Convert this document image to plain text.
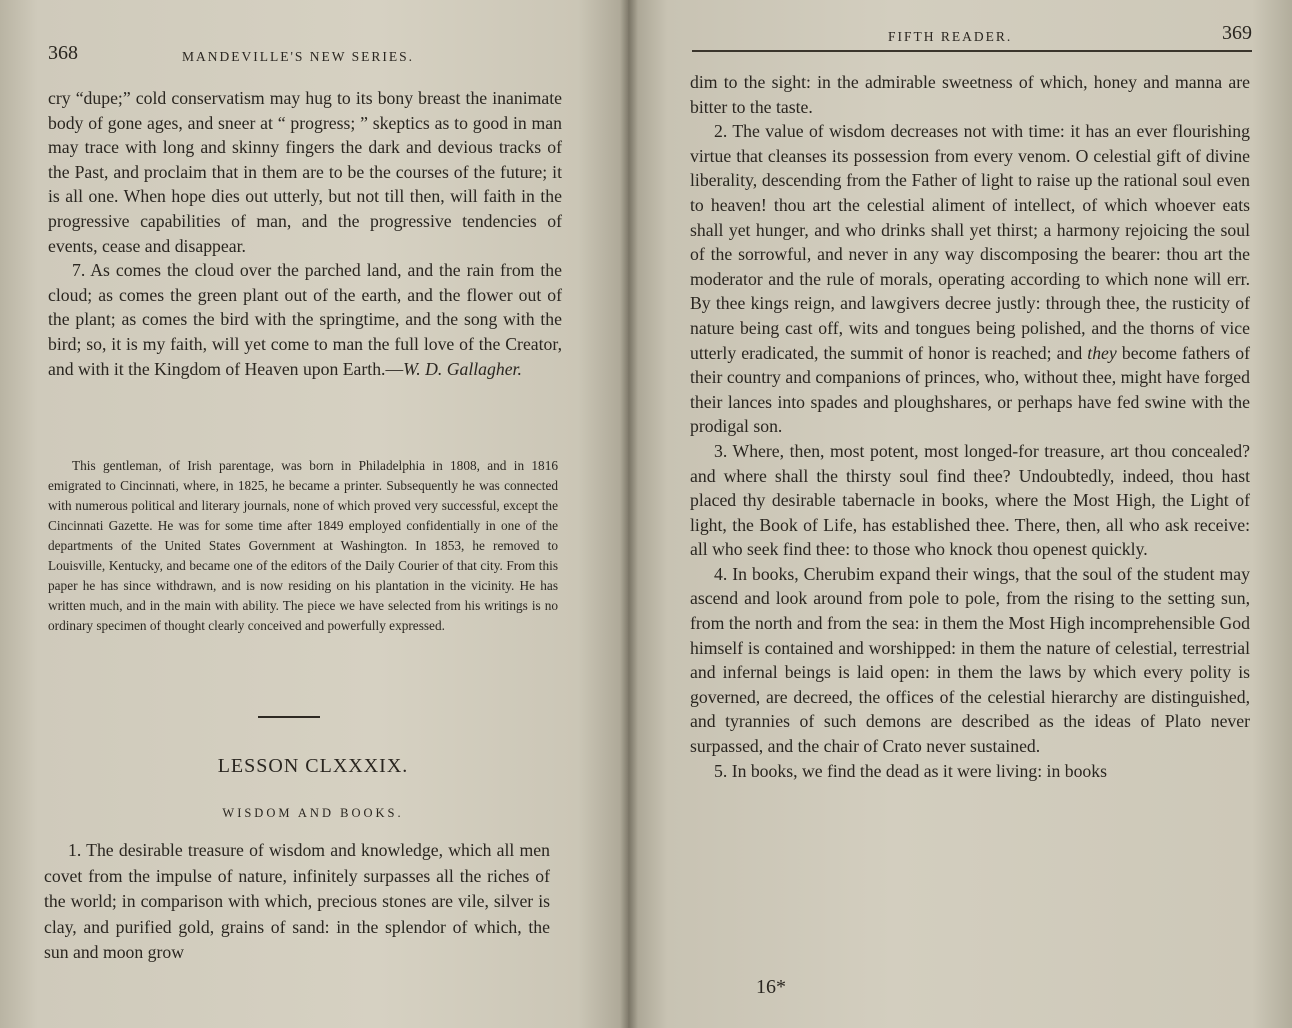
368	MANDEVILLE'S NEW SERIES.

cry “dupe;” cold conservatism may hug to its bony breast the inanimate body of gone ages, and sneer at “ progress; ” skeptics as to good in man may trace with long and skinny fingers the dark and devious tracks of the Past, and proclaim that in them are to be the courses of the future; it is all one. When hope dies out utterly, but not till then, will faith in the progressive capabilities of man, and the progressive tendencies of events, cease and disappear.

7. As comes the cloud over the parched land, and the rain from the cloud; as comes the green plant out of the earth, and the flower out of the plant; as comes the bird with the springtime, and the song with the bird; so, it is my faith, will yet come to man the full love of the Creator, and with it the Kingdom of Heaven upon Earth.—W. D. Gallagher.

This gentleman, of Irish parentage, was born in Philadelphia in 1808, and in 1816 emigrated to Cincinnati, where, in 1825, he became a printer. Subsequently he was connected with numerous political and literary journals, none of which proved very successful, except the Cincinnati Gazette. He was for some time after 1849 employed confidentially in one of the departments of the United States Government at Washington. In 1853, he removed to Louisville, Kentucky, and became one of the editors of the Daily Courier of that city. From this paper he has since withdrawn, and is now residing on his plantation in the vicinity. He has written much, and in the main with ability. The piece we have selected from his writings is no ordinary specimen of thought clearly conceived and powerfully expressed.

LESSON CLXXXIX.
WISDOM AND BOOKS.

1. The desirable treasure of wisdom and knowledge, which all men covet from the impulse of nature, infinitely surpasses all the riches of the world; in comparison with which, precious stones are vile, silver is clay, and purified gold, grains of sand: in the splendor of which, the sun and moon grow

FIFTH READER.	369

dim to the sight: in the admirable sweetness of which, honey and manna are bitter to the taste.

2. The value of wisdom decreases not with time: it has an ever flourishing virtue that cleanses its possession from every venom. O celestial gift of divine liberality, descending from the Father of light to raise up the rational soul even to heaven! thou art the celestial aliment of intellect, of which whoever eats shall yet hunger, and who drinks shall yet thirst; a harmony rejoicing the soul of the sorrowful, and never in any way discomposing the bearer: thou art the moderator and the rule of morals, operating according to which none will err. By thee kings reign, and lawgivers decree justly: through thee, the rusticity of nature being cast off, wits and tongues being polished, and the thorns of vice utterly eradicated, the summit of honor is reached; and they become fathers of their country and companions of princes, who, without thee, might have forged their lances into spades and ploughshares, or perhaps have fed swine with the prodigal son.

3. Where, then, most potent, most longed-for treasure, art thou concealed? and where shall the thirsty soul find thee? Undoubtedly, indeed, thou hast placed thy desirable tabernacle in books, where the Most High, the Light of light, the Book of Life, has established thee. There, then, all who ask receive: all who seek find thee: to those who knock thou openest quickly.

4. In books, Cherubim expand their wings, that the soul of the student may ascend and look around from pole to pole, from the rising to the setting sun, from the north and from the sea: in them the Most High incomprehensible God himself is contained and worshipped: in them the nature of celestial, terrestrial and infernal beings is laid open: in them the laws by which every polity is governed, are decreed, the offices of the celestial hierarchy are distinguished, and tyrannies of such demons are described as the ideas of Plato never surpassed, and the chair of Crato never sustained.

5. In books, we find the dead as it were living: in books

16*
